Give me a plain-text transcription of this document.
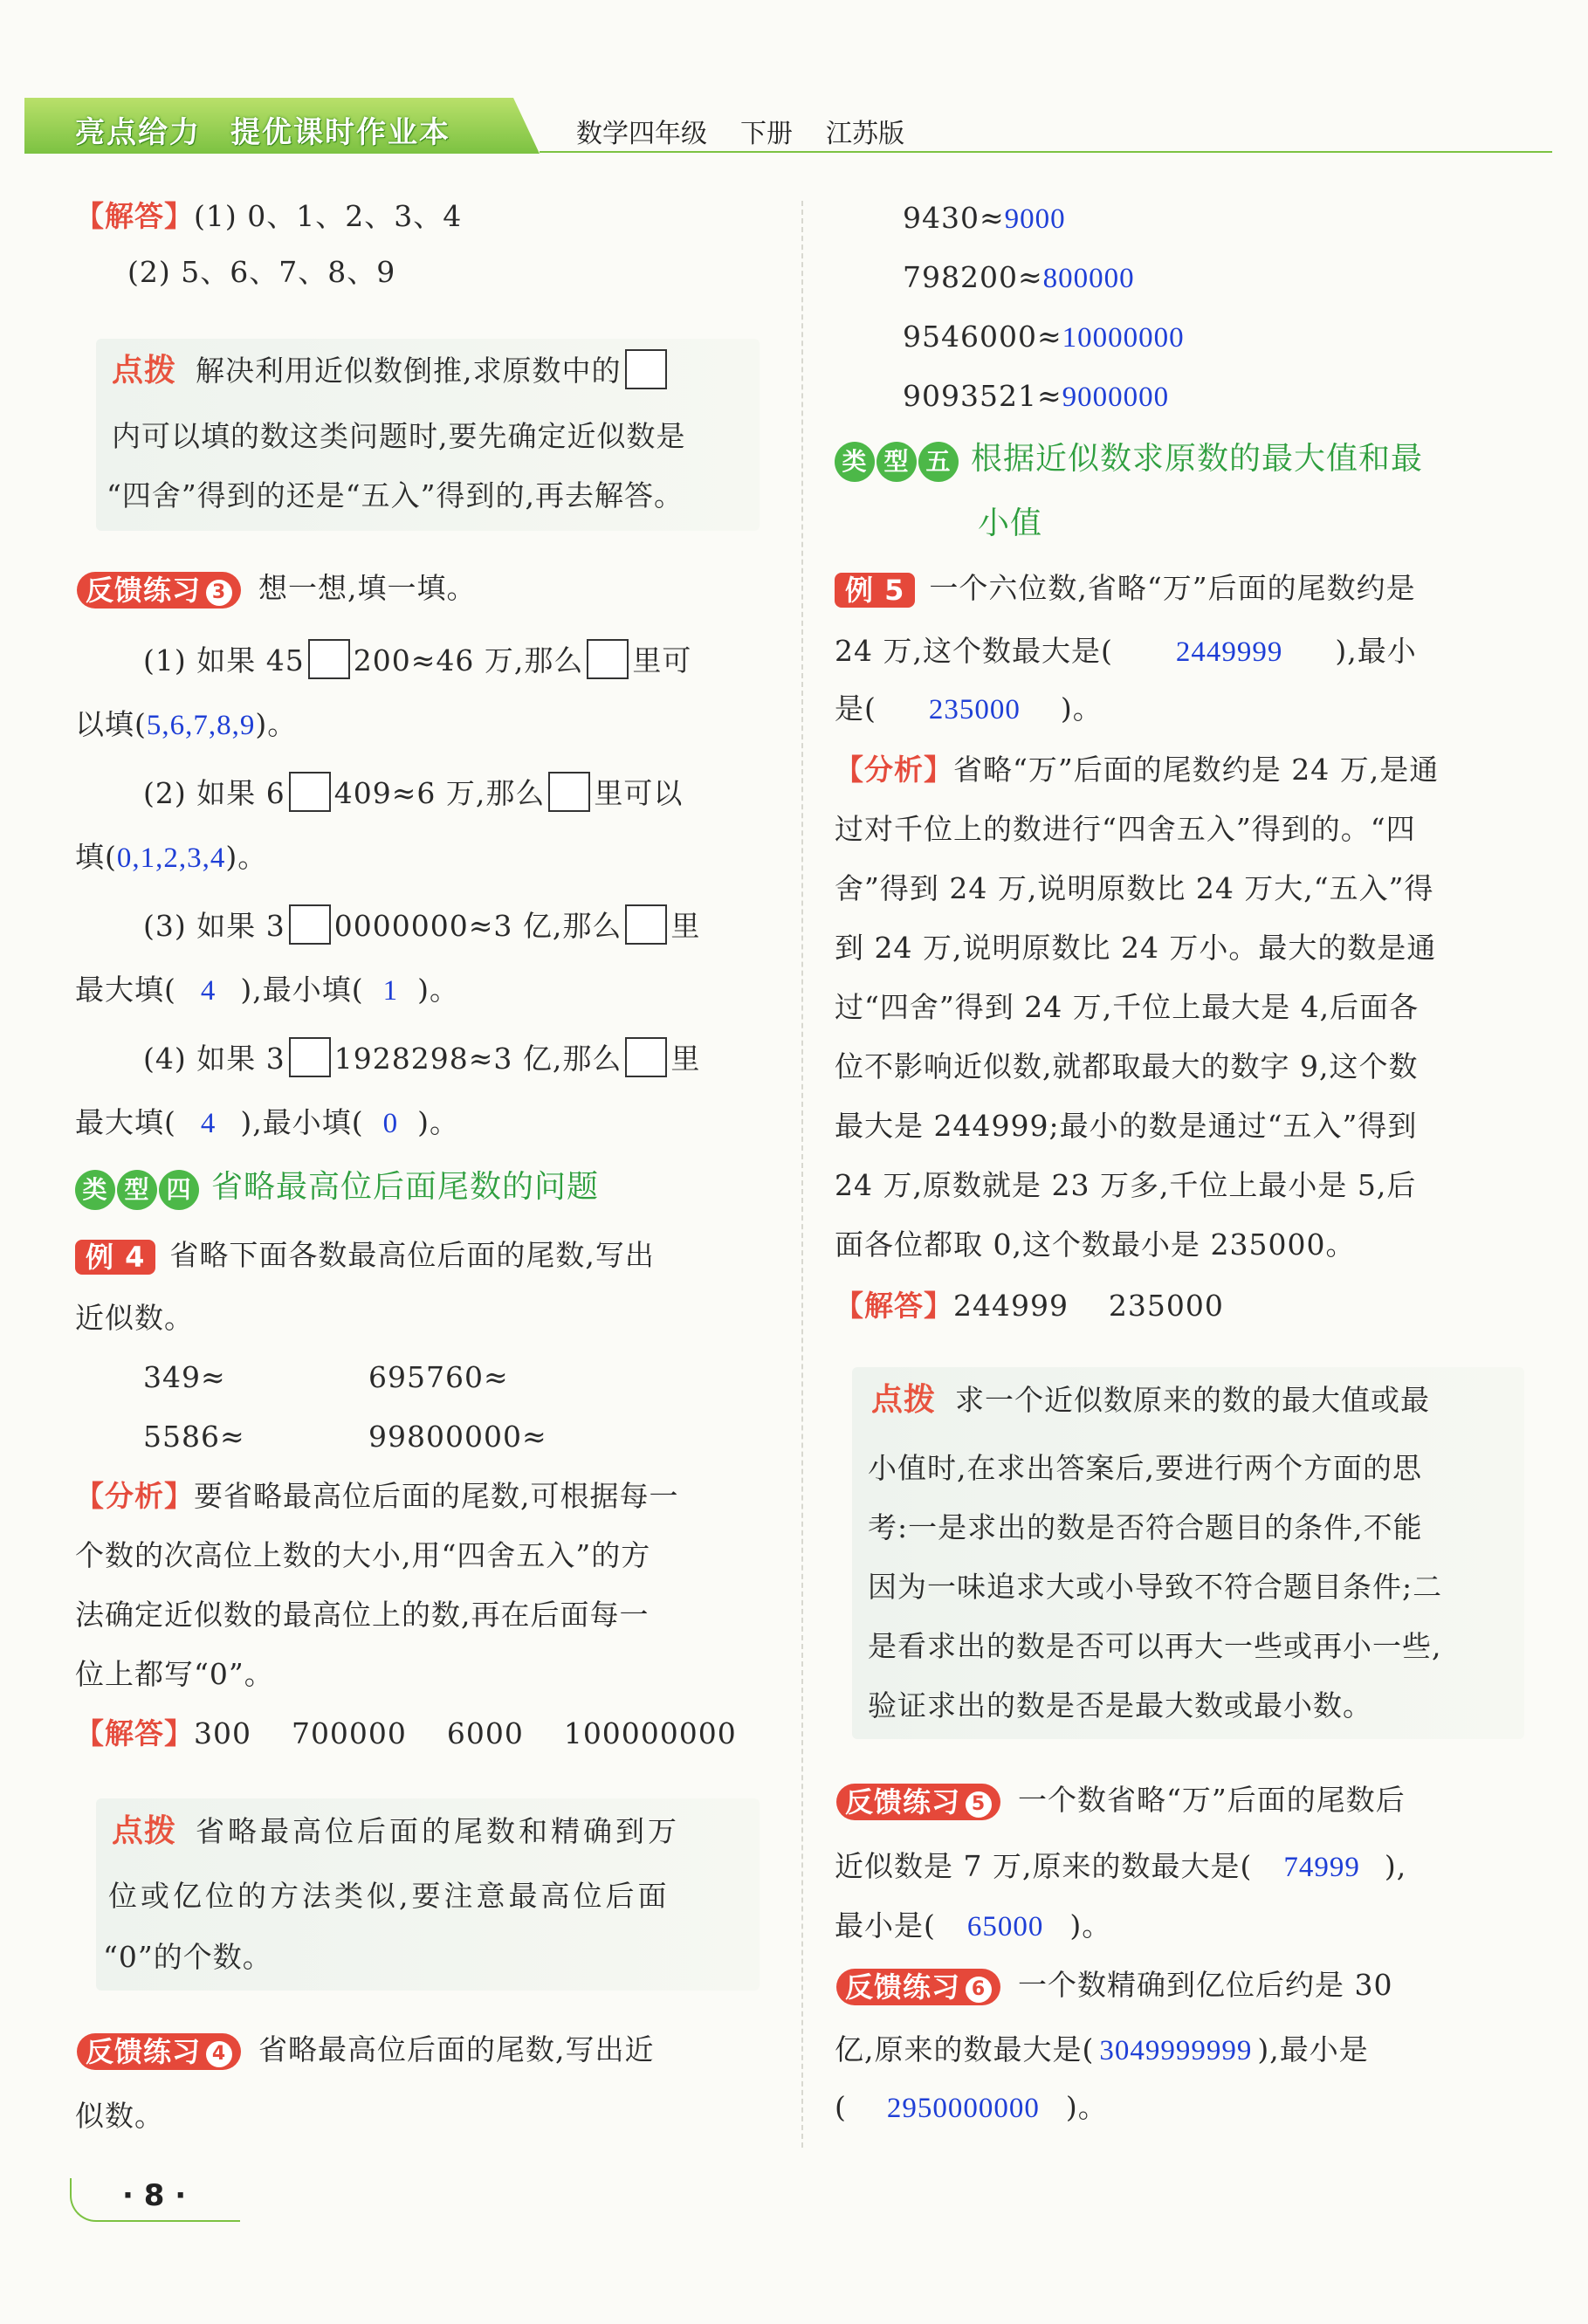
亮点给力 提优课时作业本	数学四年级 下册 江苏版
【解答】(1) 0、1、2、3、4
(2) 5、6、7、8、9
点拨 解决利用近似数倒推,求原数中的
内可以填的数这类问题时,要先确定近似数是
“四舍”得到的还是“五入”得到的,再去解答。
反馈练习 3 想一想,填一填。
(1) 如果 45 200≈46 万,那么 里可
以填(5,6,7,8,9)。
(2) 如果 6 409≈6 万,那么 里可以
填(0,1,2,3,4)。
(3) 如果 3 0000000≈3 亿,那么 里
最大填( 4 ),最小填( 1 )。
(4) 如果 3 1928298≈3 亿,那么 里
最大填( 4 ),最小填( 0 )。
类 型 四 省略最高位后面尾数的问题
例 4 省略下面各数最高位后面的尾数,写出
近似数。
349≈	695760≈
5586≈	99800000≈
【分析】要省略最高位后面的尾数,可根据每一
个数的次高位上数的大小,用“四舍五入”的方
法确定近似数的最高位上的数,再在后面每一
位上都写“0”。
【解答】300    700000    6000    100000000
点拨 省略最高位后面的尾数和精确到万
位或亿位的方法类似,要注意最高位后面
“0”的个数。
反馈练习 4 省略最高位后面的尾数,写出近
似数。
9430≈9000
798200≈800000
9546000≈10000000
9093521≈9000000
类 型 五 根据近似数求原数的最大值和最
小值
例 5 一个六位数,省略“万”后面的尾数约是
24 万,这个数最大是( 2449999 ),最小
是( 235000 )。
【分析】省略“万”后面的尾数约是 24 万,是通
过对千位上的数进行“四舍五入”得到的。“四
舍”得到 24 万,说明原数比 24 万大,“五入”得
到 24 万,说明原数比 24 万小。最大的数是通
过“四舍”得到 24 万,千位上最大是 4,后面各
位不影响近似数,就都取最大的数字 9,这个数
最大是 244999;最小的数是通过“五入”得到
24 万,原数就是 23 万多,千位上最小是 5,后
面各位都取 0,这个数最小是 235000。
【解答】244999    235000
点拨 求一个近似数原来的数的最大值或最
小值时,在求出答案后,要进行两个方面的思
考:一是求出的数是否符合题目的条件,不能
因为一味追求大或小导致不符合题目条件;二
是看求出的数是否可以再大一些或再小一些,
验证求出的数是否是最大数或最小数。
反馈练习 5 一个数省略“万”后面的尾数后
近似数是 7 万,原来的数最大是( 74999 ),
最小是( 65000 )。
反馈练习 6 一个数精确到亿位后约是 30
亿,原来的数最大是( 3049999999 ),最小是
( 2950000000 )。
· 8 ·
